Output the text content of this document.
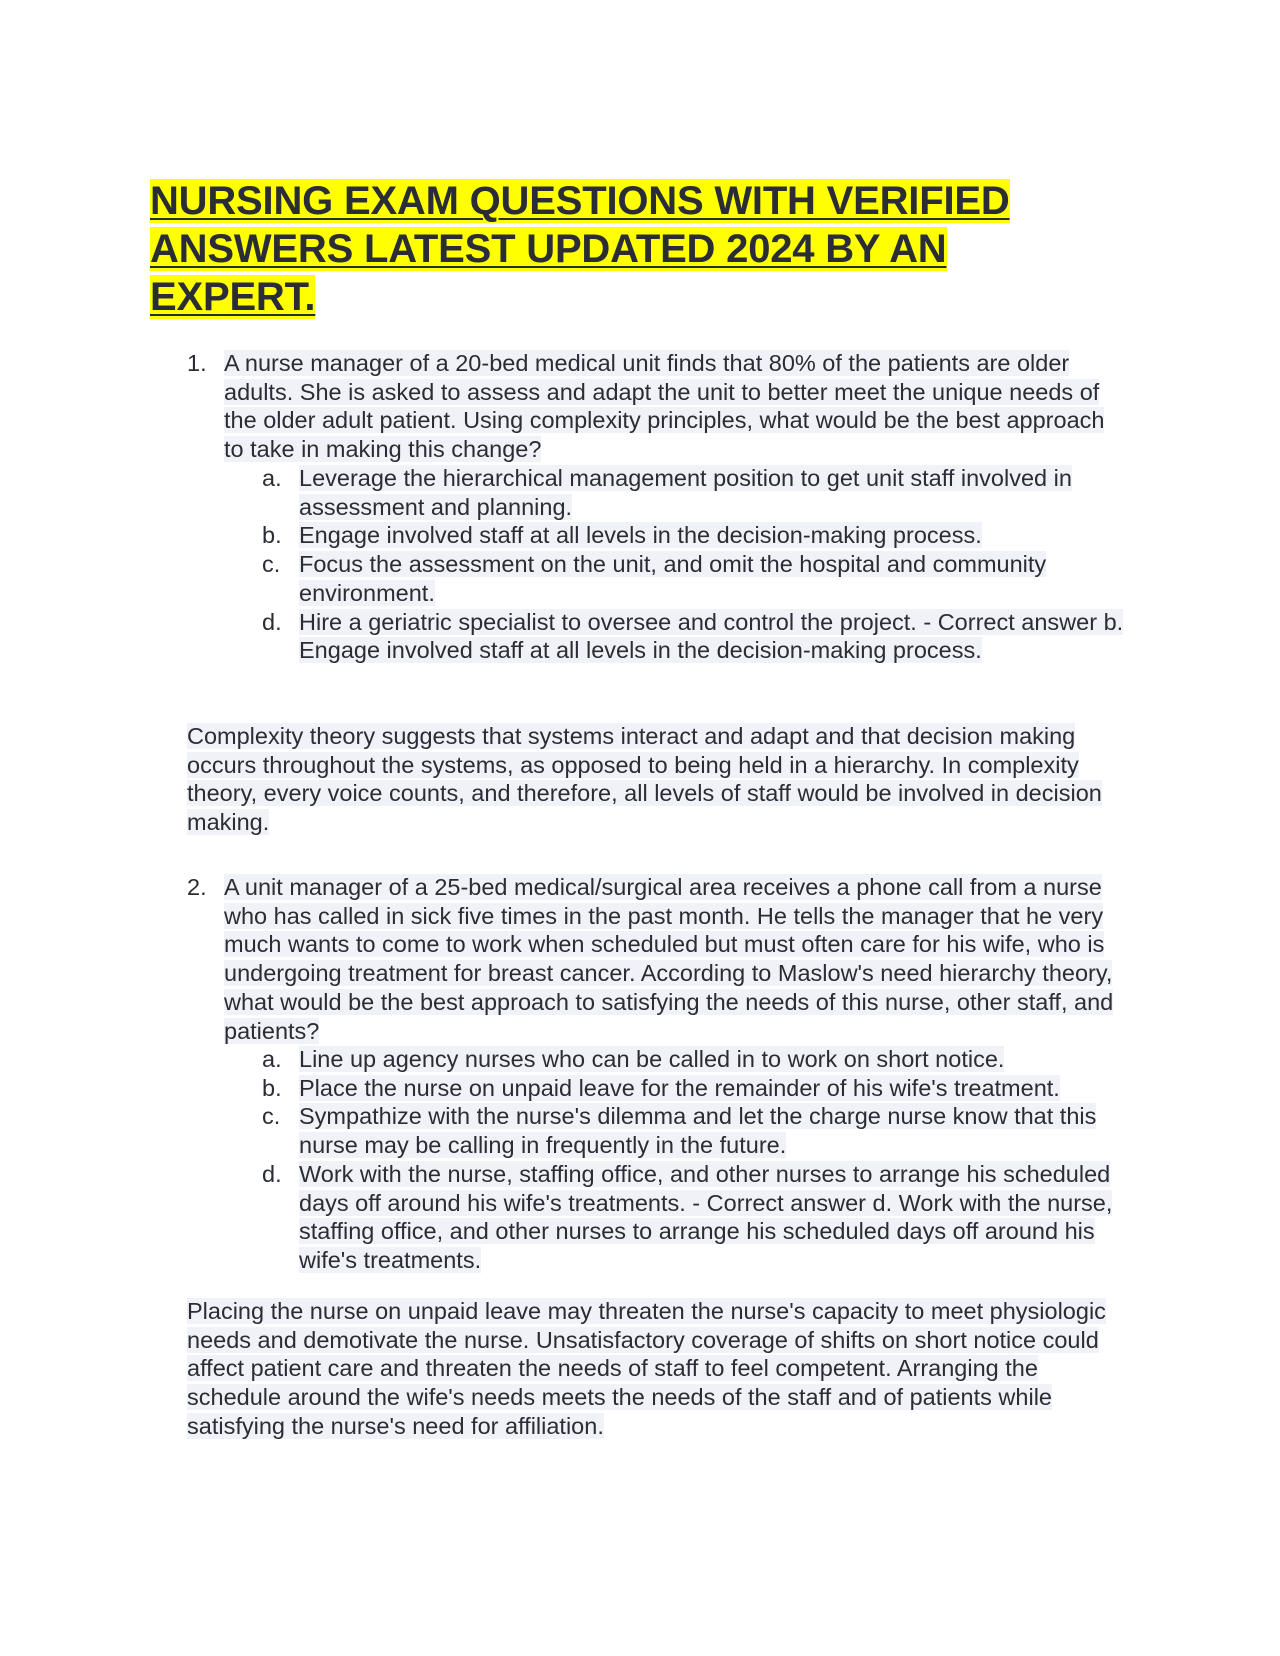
NURSING EXAM QUESTIONS WITH VERIFIED
ANSWERS LATEST UPDATED 2024 BY AN
EXPERT.
1. A nurse manager of a 20-bed medical unit finds that 80% of the patients are older adults. She is asked to assess and adapt the unit to better meet the unique needs of the older adult patient. Using complexity principles, what would be the best approach to take in making this change?
a. Leverage the hierarchical management position to get unit staff involved in assessment and planning.
b. Engage involved staff at all levels in the decision-making process.
c. Focus the assessment on the unit, and omit the hospital and community environment.
d. Hire a geriatric specialist to oversee and control the project. - Correct answer b. Engage involved staff at all levels in the decision-making process.
Complexity theory suggests that systems interact and adapt and that decision making occurs throughout the systems, as opposed to being held in a hierarchy. In complexity theory, every voice counts, and therefore, all levels of staff would be involved in decision making.
2. A unit manager of a 25-bed medical/surgical area receives a phone call from a nurse who has called in sick five times in the past month. He tells the manager that he very much wants to come to work when scheduled but must often care for his wife, who is undergoing treatment for breast cancer. According to Maslow's need hierarchy theory, what would be the best approach to satisfying the needs of this nurse, other staff, and patients?
a. Line up agency nurses who can be called in to work on short notice.
b. Place the nurse on unpaid leave for the remainder of his wife's treatment.
c. Sympathize with the nurse's dilemma and let the charge nurse know that this nurse may be calling in frequently in the future.
d. Work with the nurse, staffing office, and other nurses to arrange his scheduled days off around his wife's treatments. - Correct answer d. Work with the nurse, staffing office, and other nurses to arrange his scheduled days off around his wife's treatments.
Placing the nurse on unpaid leave may threaten the nurse's capacity to meet physiologic needs and demotivate the nurse. Unsatisfactory coverage of shifts on short notice could affect patient care and threaten the needs of staff to feel competent. Arranging the schedule around the wife's needs meets the needs of the staff and of patients while satisfying the nurse's need for affiliation.
